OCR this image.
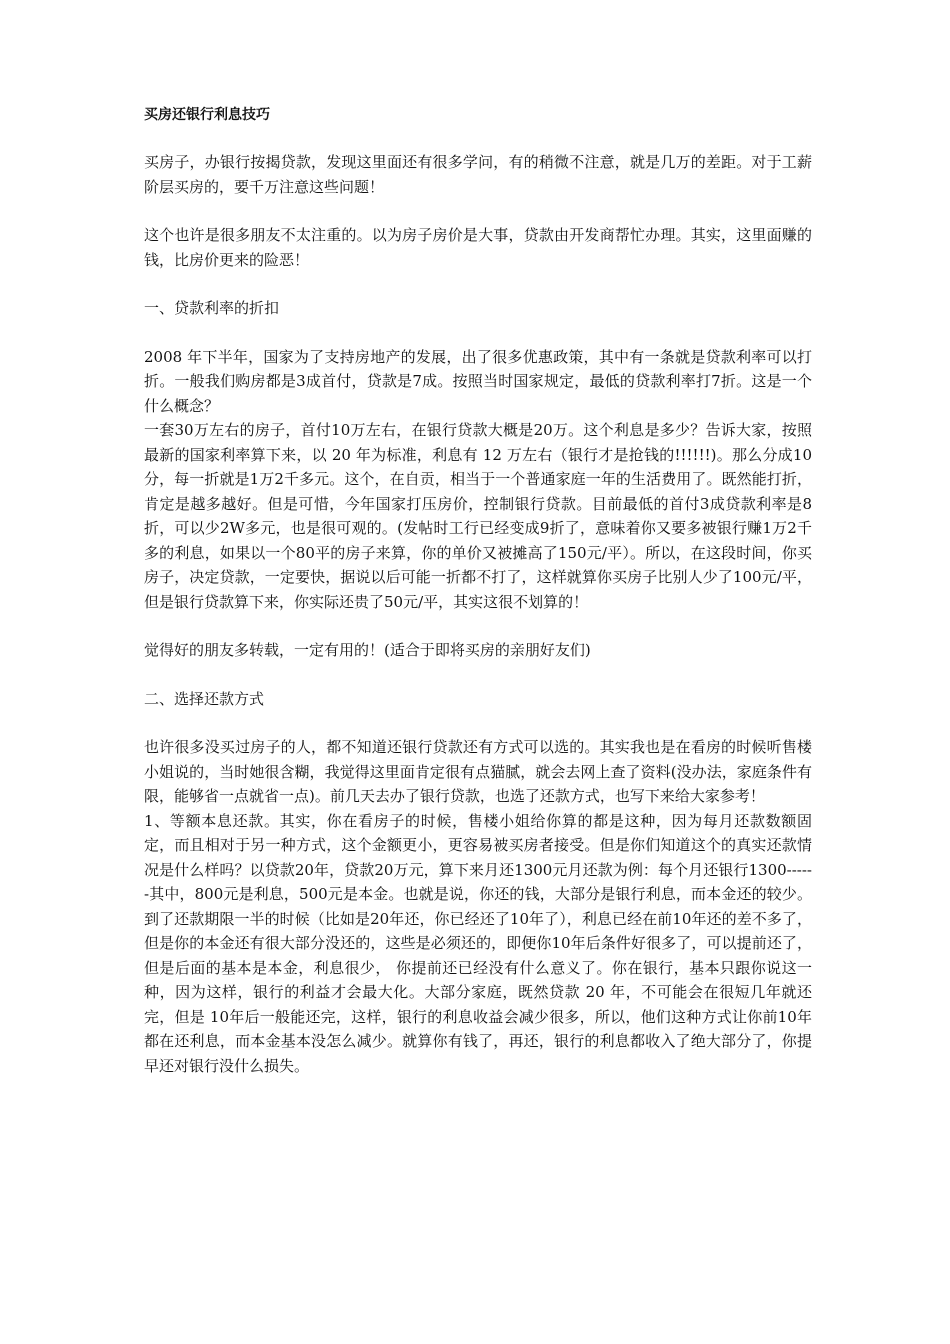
买房还银行利息技巧

买房子，办银行按揭贷款，发现这里面还有很多学问，有的稍微不注意，就是几万的差距。对于工薪阶层买房的，要千万注意这些问题！

这个也许是很多朋友不太注重的。以为房子房价是大事，贷款由开发商帮忙办理。其实，这里面赚的钱，比房价更来的险恶！

一、贷款利率的折扣

2008 年下半年，国家为了支持房地产的发展，出了很多优惠政策，其中有一条就是贷款利率可以打折。一般我们购房都是3成首付，贷款是7成。按照当时国家规定，最低的贷款利率打7折。这是一个什么概念？

一套30万左右的房子，首付10万左右，在银行贷款大概是20万。这个利息是多少？告诉大家，按照最新的国家利率算下来，以 20 年为标准，利息有 12 万左右（银行才是抢钱的!!!!!!)。那么分成10分，每一折就是1万2千多元。这个，在自贡，相当于一个普通家庭一年的生活费用了。既然能打折，肯定是越多越好。但是可惜，今年国家打压房价，控制银行贷款。目前最低的首付3成贷款利率是8折，可以少2W多元，也是很可观的。(发帖时工行已经变成9折了，意味着你又要多被银行赚1万2千多的利息，如果以一个80平的房子来算，你的单价又被摊高了150元/平）。所以，在这段时间，你买房子，决定贷款，一定要快，据说以后可能一折都不打了，这样就算你买房子比别人少了100元/平，但是银行贷款算下来，你实际还贵了50元/平，其实这很不划算的！

觉得好的朋友多转载，一定有用的！(适合于即将买房的亲朋好友们)

二、选择还款方式

也许很多没买过房子的人，都不知道还银行贷款还有方式可以选的。其实我也是在看房的时候听售楼小姐说的，当时她很含糊，我觉得这里面肯定很有点猫腻，就会去网上查了资料(没办法，家庭条件有限，能够省一点就省一点)。前几天去办了银行贷款，也选了还款方式，也写下来给大家参考！

1、等额本息还款。其实，你在看房子的时候，售楼小姐给你算的都是这种，因为每月还款数额固定，而且相对于另一种方式，这个金额更小，更容易被买房者接受。但是你们知道这个的真实还款情况是什么样吗？以贷款20年，贷款20万元，算下来月还1300元月还款为例：每个月还银行1300------其中，800元是利息，500元是本金。也就是说，你还的钱，大部分是银行利息，而本金还的较少。到了还款期限一半的时候（比如是20年还，你已经还了10年了），利息已经在前10年还的差不多了，但是你的本金还有很大部分没还的，这些是必须还的，即便你10年后条件好很多了，可以提前还了，但是后面的基本是本金，利息很少， 你提前还已经没有什么意义了。你在银行，基本只跟你说这一种，因为这样，银行的利益才会最大化。大部分家庭，既然贷款 20 年，不可能会在很短几年就还完，但是 10年后一般能还完，这样，银行的利息收益会减少很多，所以，他们这种方式让你前10年都在还利息，而本金基本没怎么减少。就算你有钱了，再还，银行的利息都收入了绝大部分了，你提早还对银行没什么损失。
